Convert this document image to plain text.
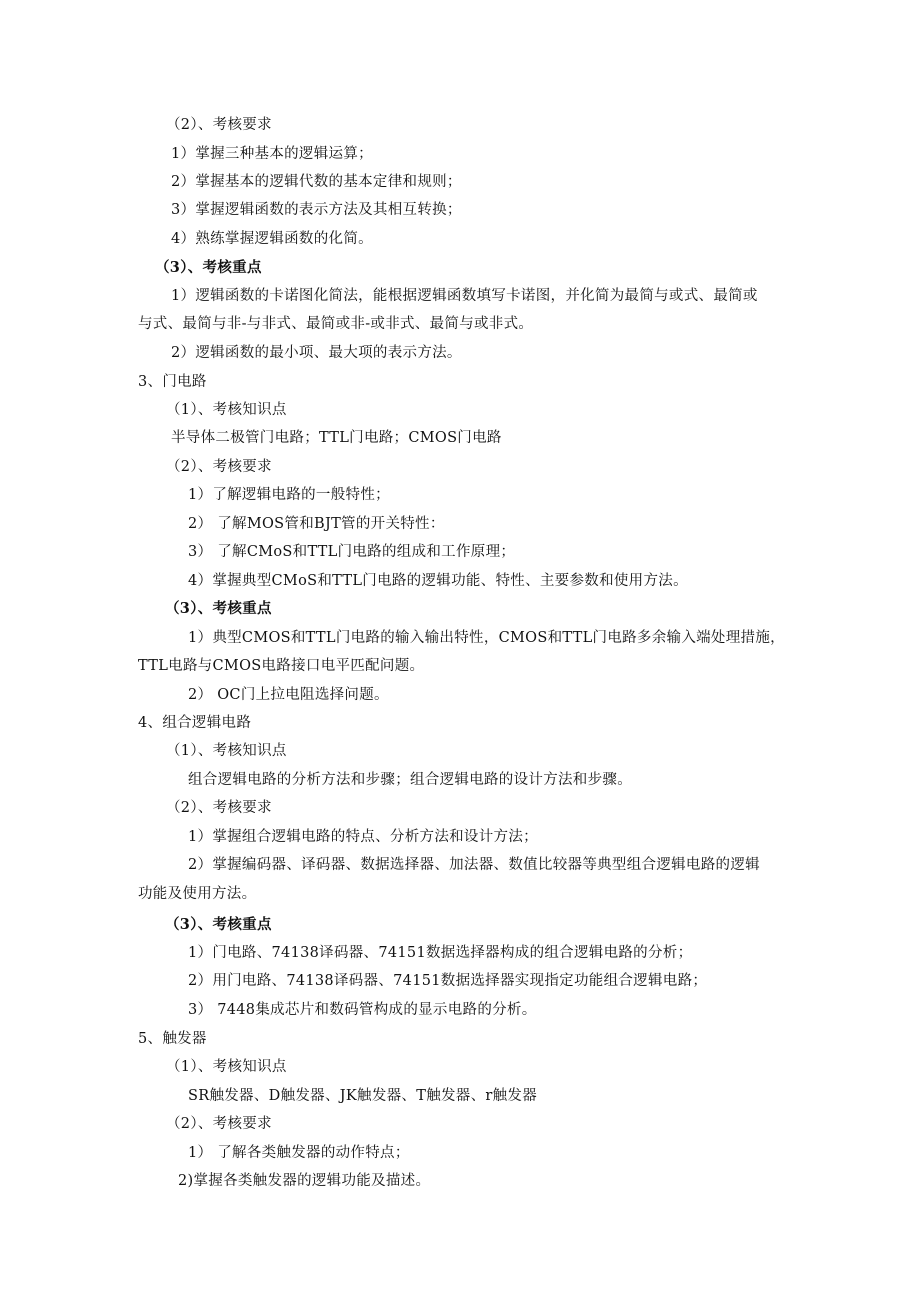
（2）、考核要求
1）掌握三种基本的逻辑运算；
2）掌握基本的逻辑代数的基本定律和规则；
3）掌握逻辑函数的表示方法及其相互转换；
4）熟练掌握逻辑函数的化简。
（3）、考核重点
1）逻辑函数的卡诺图化简法，能根据逻辑函数填写卡诺图，并化简为最简与或式、最简或
与式、最简与非-与非式、最简或非-或非式、最简与或非式。
2）逻辑函数的最小项、最大项的表示方法。
3、门电路
（1）、考核知识点
半导体二极管门电路；TTL门电路；CMOS门电路
（2）、考核要求
1）了解逻辑电路的一般特性；
2） 了解MOS管和BJT管的开关特性：
3） 了解CMoS和TTL门电路的组成和工作原理；
4）掌握典型CMoS和TTL门电路的逻辑功能、特性、主要参数和使用方法。
（3）、考核重点
1）典型CMOS和TTL门电路的输入输出特性，CMOS和TTL门电路多余输入端处理措施，
TTL电路与CMOS电路接口电平匹配问题。
2） OC门上拉电阻选择问题。
4、组合逻辑电路
（1）、考核知识点
组合逻辑电路的分析方法和步骤；组合逻辑电路的设计方法和步骤。
（2）、考核要求
1）掌握组合逻辑电路的特点、分析方法和设计方法；
2）掌握编码器、译码器、数据选择器、加法器、数值比较器等典型组合逻辑电路的逻辑
功能及使用方法。
（3）、考核重点
1）门电路、74138译码器、74151数据选择器构成的组合逻辑电路的分析；
2）用门电路、74138译码器、74151数据选择器实现指定功能组合逻辑电路；
3） 7448集成芯片和数码管构成的显示电路的分析。
5、触发器
（1）、考核知识点
SR触发器、D触发器、JK触发器、T触发器、r触发器
（2）、考核要求
1） 了解各类触发器的动作特点；
2)掌握各类触发器的逻辑功能及描述。
